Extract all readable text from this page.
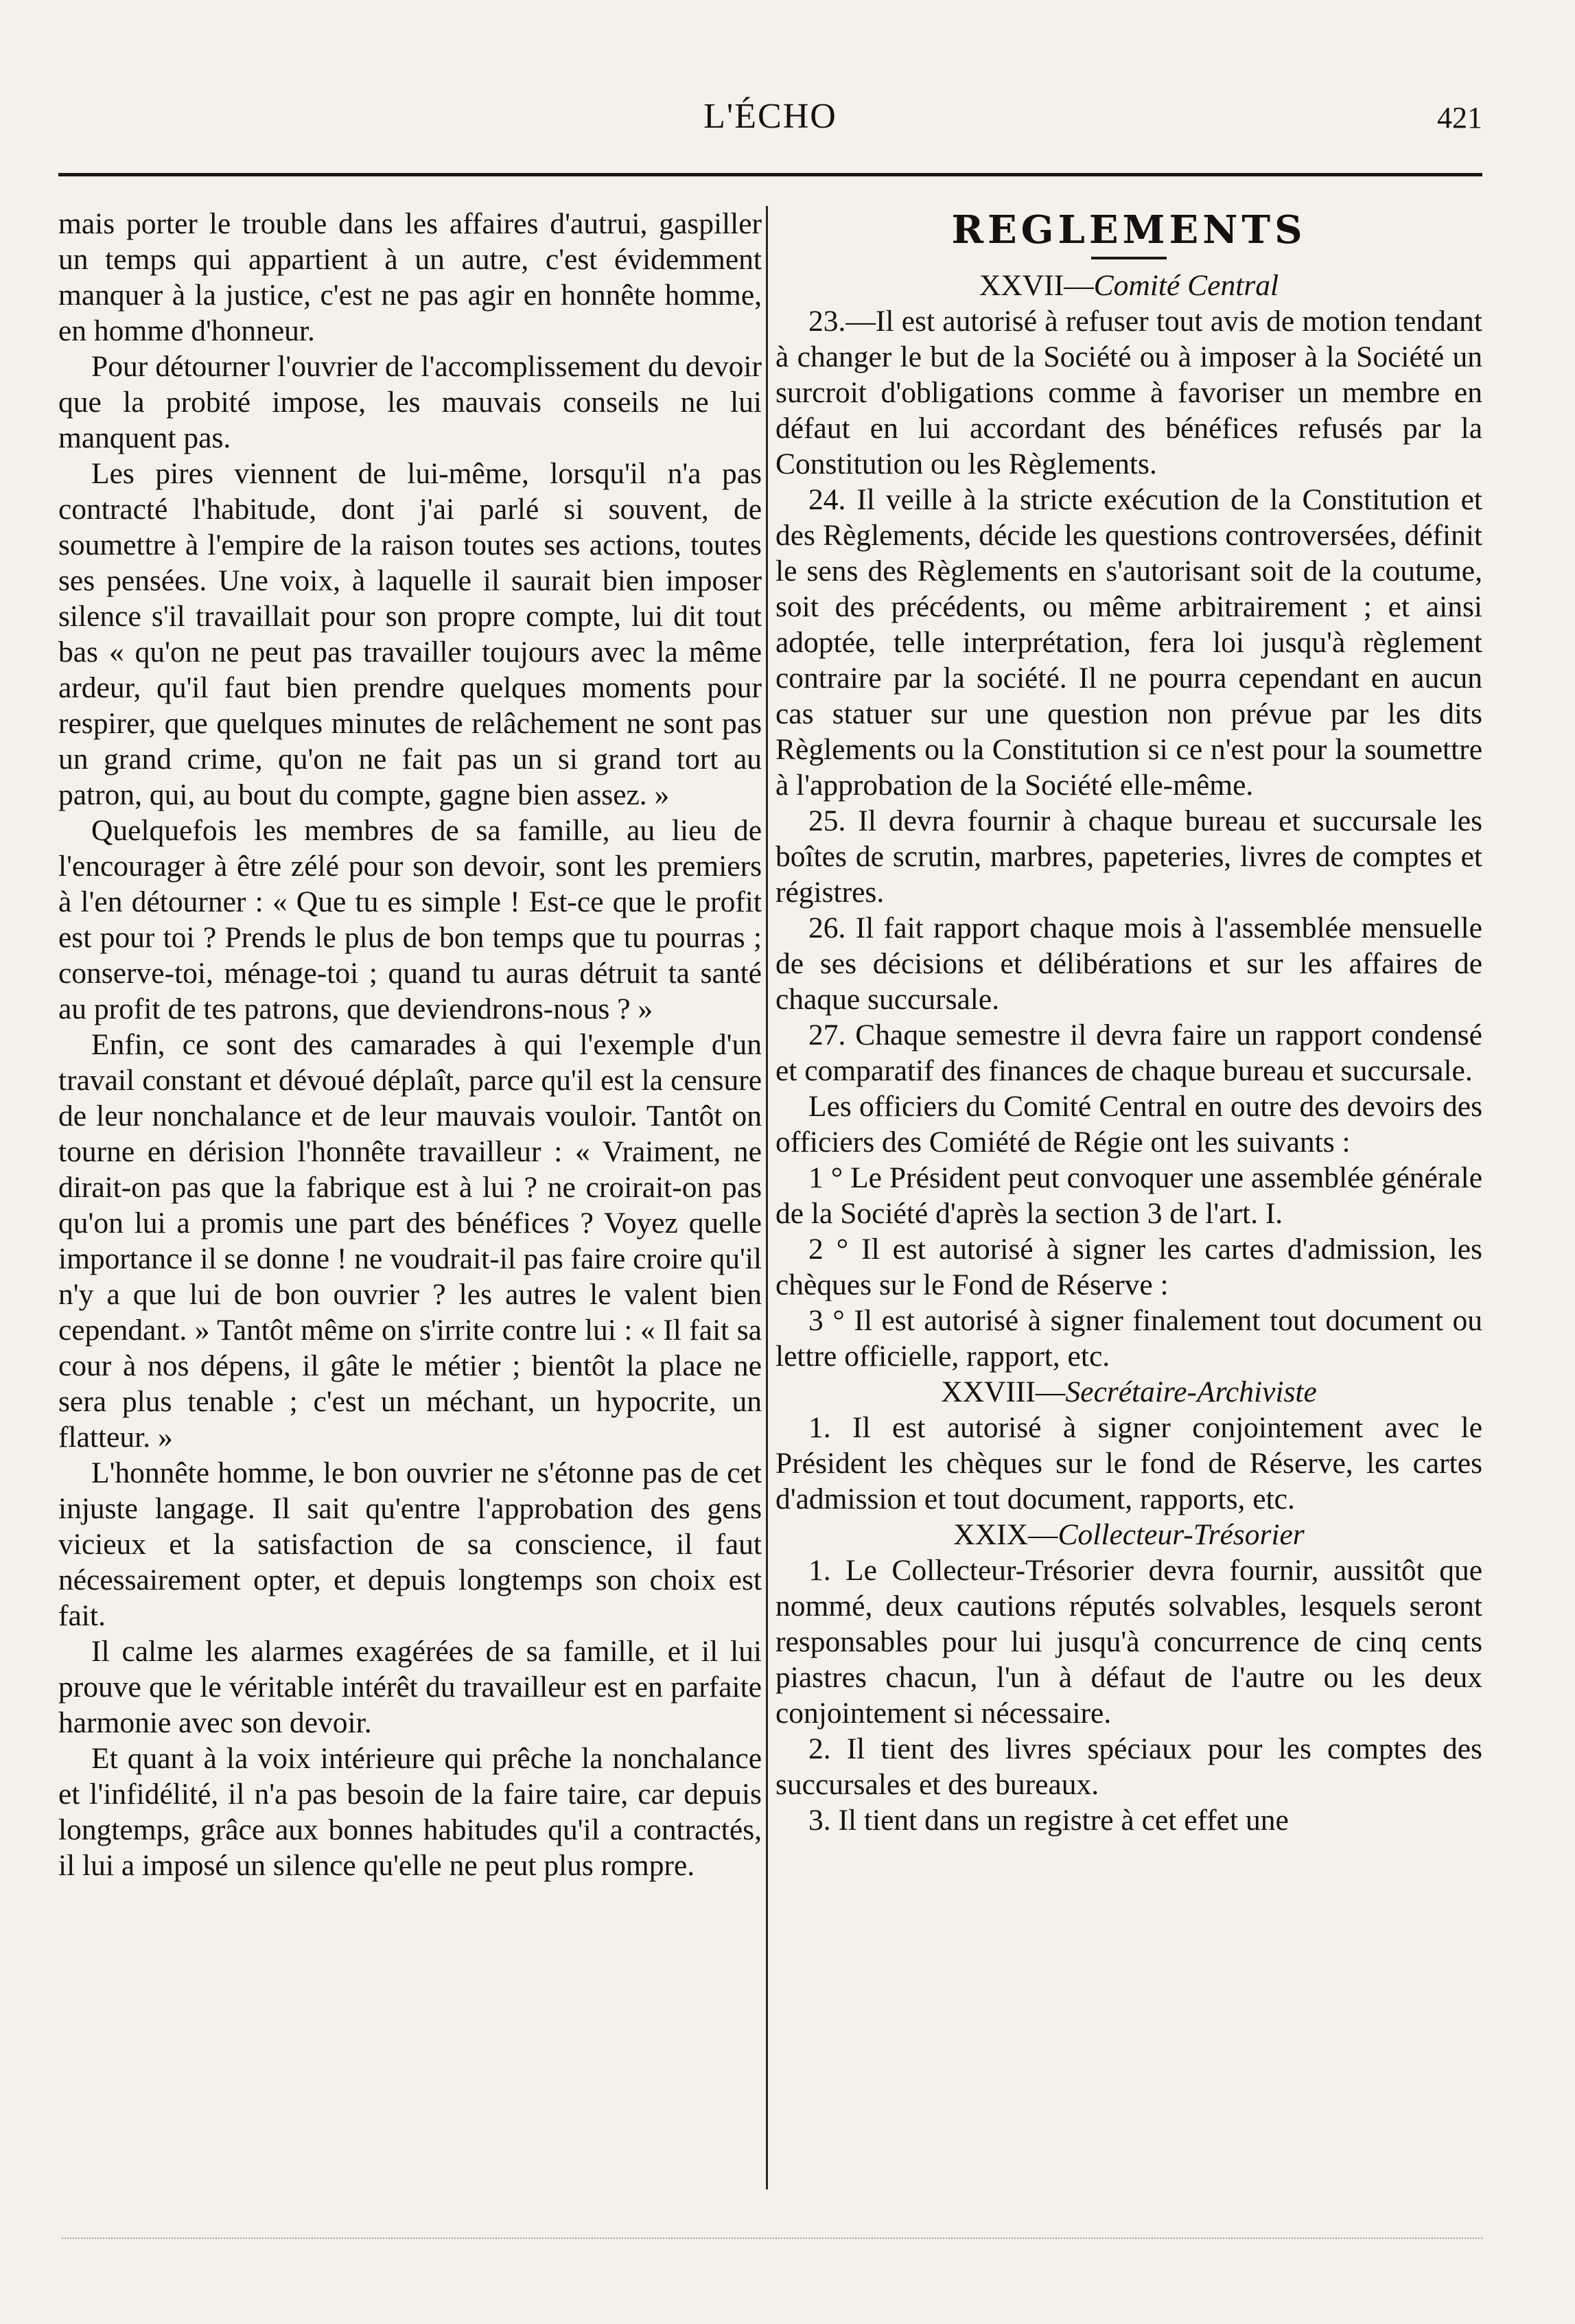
L'ÉCHO	421

mais porter le trouble dans les affaires d'autrui, gaspiller un temps qui appartient à un autre, c'est évidemment manquer à la justice, c'est ne pas agir en honnête homme, en homme d'honneur.

Pour détourner l'ouvrier de l'accomplissement du devoir que la probité impose, les mauvais conseils ne lui manquent pas.

Les pires viennent de lui-même, lorsqu'il n'a pas contracté l'habitude, dont j'ai parlé si souvent, de soumettre à l'empire de la raison toutes ses actions, toutes ses pensées. Une voix, à laquelle il saurait bien imposer silence s'il travaillait pour son propre compte, lui dit tout bas « qu'on ne peut pas travailler toujours avec la même ardeur, qu'il faut bien prendre quelques moments pour respirer, que quelques minutes de relâchement ne sont pas un grand crime, qu'on ne fait pas un si grand tort au patron, qui, au bout du compte, gagne bien assez. »

Quelquefois les membres de sa famille, au lieu de l'encourager à être zélé pour son devoir, sont les premiers à l'en détourner : « Que tu es simple ! Est-ce que le profit est pour toi ? Prends le plus de bon temps que tu pourras ; conserve-toi, ménage-toi ; quand tu auras détruit ta santé au profit de tes patrons, que deviendrons-nous ? »

Enfin, ce sont des camarades à qui l'exemple d'un travail constant et dévoué déplaît, parce qu'il est la censure de leur nonchalance et de leur mauvais vouloir. Tantôt on tourne en dérision l'honnête travailleur : « Vraiment, ne dirait-on pas que la fabrique est à lui ? ne croirait-on pas qu'on lui a promis une part des bénéfices ? Voyez quelle importance il se donne ! ne voudrait-il pas faire croire qu'il n'y a que lui de bon ouvrier ? les autres le valent bien cependant. » Tantôt même on s'irrite contre lui : « Il fait sa cour à nos dépens, il gâte le métier ; bientôt la place ne sera plus tenable ; c'est un méchant, un hypocrite, un flatteur. »

L'honnête homme, le bon ouvrier ne s'étonne pas de cet injuste langage. Il sait qu'entre l'approbation des gens vicieux et la satisfaction de sa conscience, il faut nécessairement opter, et depuis longtemps son choix est fait.

Il calme les alarmes exagérées de sa famille, et il lui prouve que le véritable intérêt du travailleur est en parfaite harmonie avec son devoir.

Et quant à la voix intérieure qui prêche la nonchalance et l'infidélité, il n'a pas besoin de la faire taire, car depuis longtemps, grâce aux bonnes habitudes qu'il a contractés, il lui a imposé un silence qu'elle ne peut plus rompre.

REGLEMENTS
XXVII—Comité Central

23.—Il est autorisé à refuser tout avis de motion tendant à changer le but de la Société ou à imposer à la Société un surcroit d'obligations comme à favoriser un membre en défaut en lui accordant des bénéfices refusés par la Constitution ou les Règlements.

24. Il veille à la stricte exécution de la Constitution et des Règlements, décide les questions controversées, définit le sens des Règlements en s'autorisant soit de la coutume, soit des précédents, ou même arbitrairement ; et ainsi adoptée, telle interprétation, fera loi jusqu'à règlement contraire par la société. Il ne pourra cependant en aucun cas statuer sur une question non prévue par les dits Règlements ou la Constitution si ce n'est pour la soumettre à l'approbation de la Société elle-même.

25. Il devra fournir à chaque bureau et succursale les boîtes de scrutin, marbres, papeteries, livres de comptes et régistres.

26. Il fait rapport chaque mois à l'assemblée mensuelle de ses décisions et délibérations et sur les affaires de chaque succursale.

27. Chaque semestre il devra faire un rapport condensé et comparatif des finances de chaque bureau et succursale.

Les officiers du Comité Central en outre des devoirs des officiers des Comiété de Régie ont les suivants :

1 ° Le Président peut convoquer une assemblée générale de la Société d'après la section 3 de l'art. I.

2 ° Il est autorisé à signer les cartes d'admission, les chèques sur le Fond de Réserve :

3 ° Il est autorisé à signer finalement tout document ou lettre officielle, rapport, etc.

XXVIII—Secrétaire-Archiviste

1. Il est autorisé à signer conjointement avec le Président les chèques sur le fond de Réserve, les cartes d'admission et tout document, rapports, etc.

XXIX—Collecteur-Trésorier

1. Le Collecteur-Trésorier devra fournir, aussitôt que nommé, deux cautions réputés solvables, lesquels seront responsables pour lui jusqu'à concurrence de cinq cents piastres chacun, l'un à défaut de l'autre ou les deux conjointement si nécessaire.

2. Il tient des livres spéciaux pour les comptes des succursales et des bureaux.

3. Il tient dans un registre à cet effet une
